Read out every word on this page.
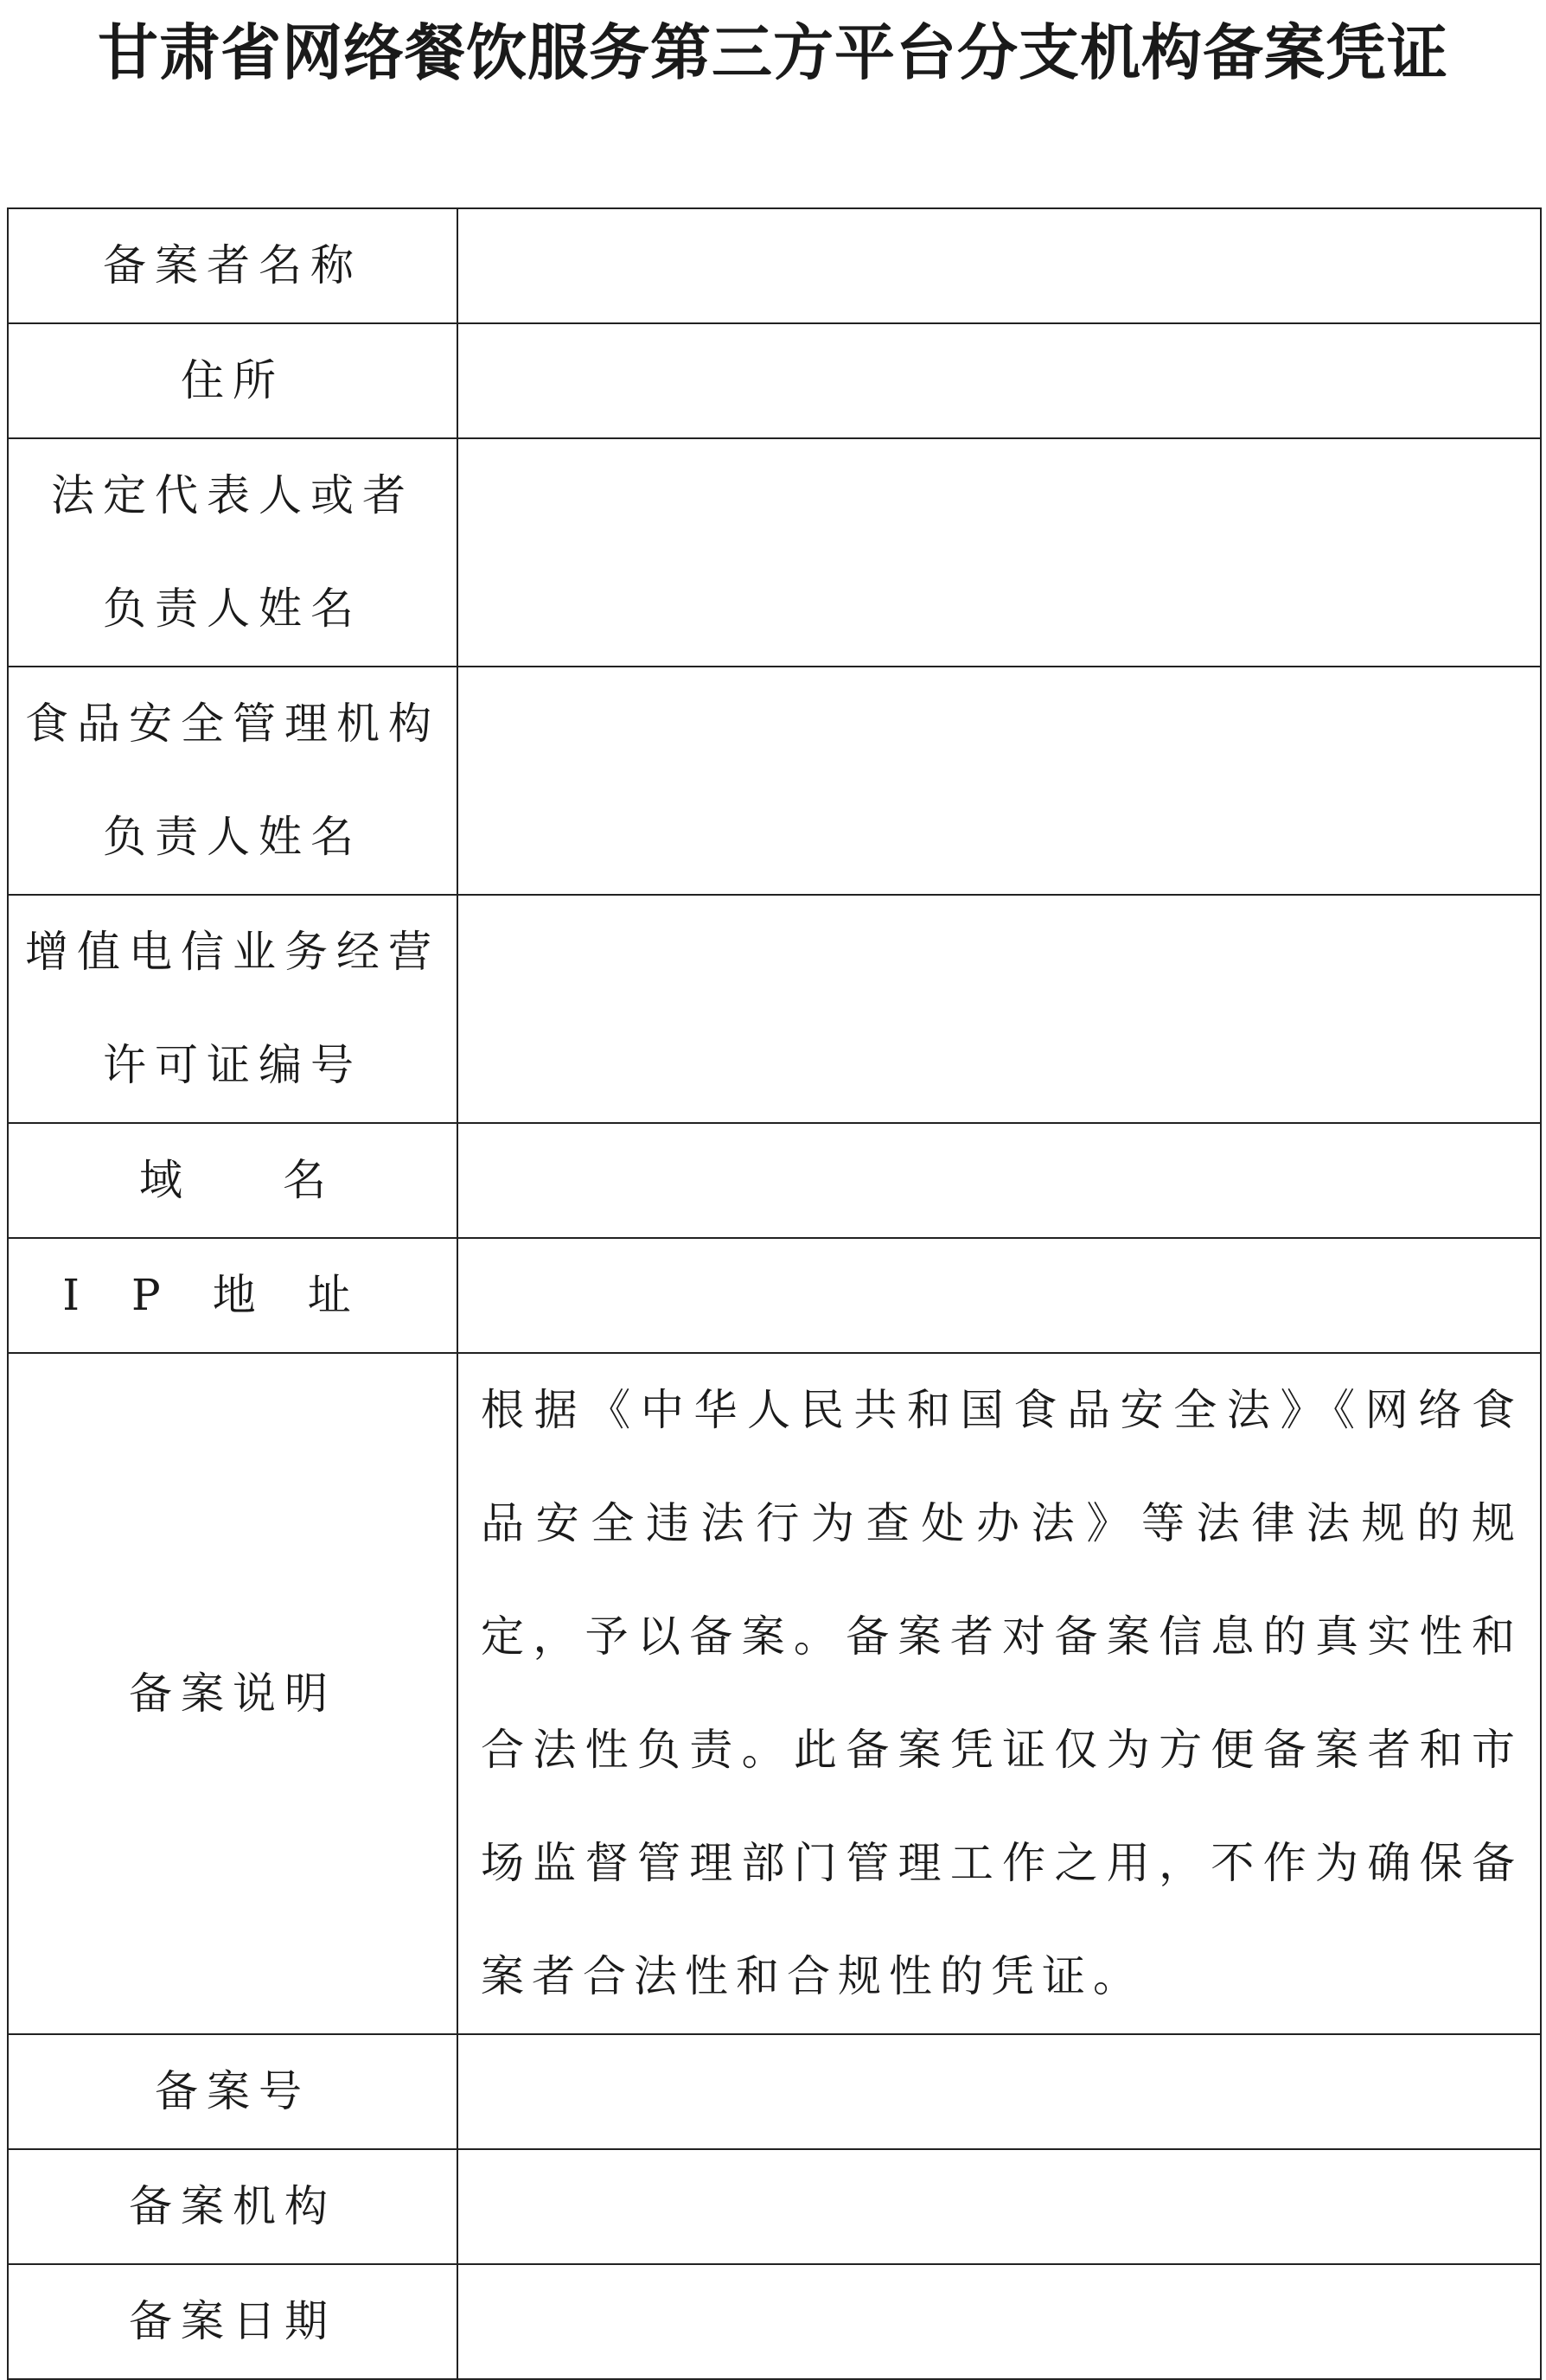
甘肃省网络餐饮服务第三方平台分支机构备案凭证
备案者名称	
住所	

法定代表人或者
负责人姓名	

食品安全管理机构
负责人姓名	

增值电信业务经营
许可证编号	

域名	
IP地址	
备案说明	根据《中华人民共和国食品安全法》《网络食品安全违法行为查处办法》等法律法规的规定，予以备案。备案者对备案信息的真实性和合法性负责。此备案凭证仅为方便备案者和市场监督管理部门管理工作之用，不作为确保备案者合法性和合规性的凭证。
备案号	
备案机构	
备案日期	
